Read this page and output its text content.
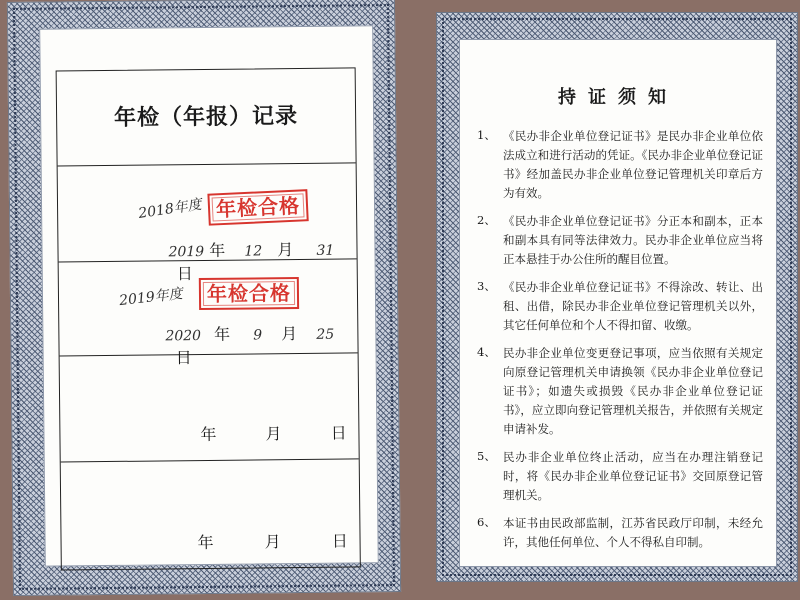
年检（年报）记录
2018年度 年检合格
2019 年 12 月 31 日
2019年度	年检合格
2020 年 9 月 25 日
年	月	日
年	月	日
持证须知
1、 《民办非企业单位登记证书》是民办非企业单位依法成立和进行活动的凭证。《民办非企业单位登记证书》经加盖民办非企业单位登记管理机关印章后方为有效。
2、 《民办非企业单位登记证书》分正本和副本，正本和副本具有同等法律效力。民办非企业单位应当将正本悬挂于办公住所的醒目位置。
3、 《民办非企业单位登记证书》不得涂改、转让、出租、出借，除民办非企业单位登记管理机关以外，其它任何单位和个人不得扣留、收缴。
4、 民办非企业单位变更登记事项，应当依照有关规定向原登记管理机关申请换领《民办非企业单位登记证书》；如遗失或损毁《民办非企业单位登记证书》，应立即向登记管理机关报告，并依照有关规定申请补发。
5、 民办非企业单位终止活动，应当在办理注销登记时，将《民办非企业单位登记证书》交回原登记管理机关。
6、 本证书由民政部监制，江苏省民政厅印制，未经允许，其他任何单位、个人不得私自印制。
